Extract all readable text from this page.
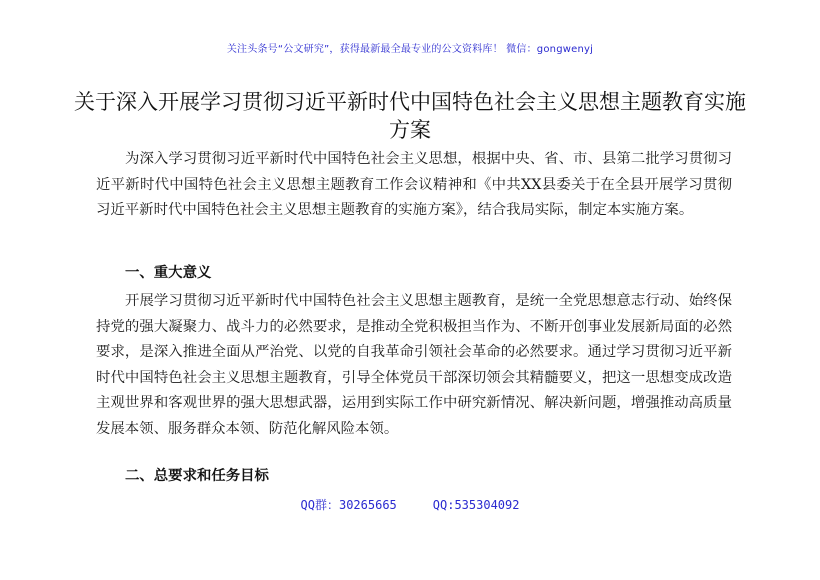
关注头条号“公文研究”，获得最新最全最专业的公文资料库！ 微信：gongwenyj
关于深入开展学习贯彻习近平新时代中国特色社会主义思想主题教育实施方案
为深入学习贯彻习近平新时代中国特色社会主义思想，根据中央、省、市、县第二批学习贯彻习近平新时代中国特色社会主义思想主题教育工作会议精神和《中共XX县委关于在全县开展学习贯彻习近平新时代中国特色社会主义思想主题教育的实施方案》，结合我局实际，制定本实施方案。
一、重大意义
开展学习贯彻习近平新时代中国特色社会主义思想主题教育，是统一全党思想意志行动、始终保持党的强大凝聚力、战斗力的必然要求，是推动全党积极担当作为、不断开创事业发展新局面的必然要求，是深入推进全面从严治党、以党的自我革命引领社会革命的必然要求。通过学习贯彻习近平新时代中国特色社会主义思想主题教育，引导全体党员干部深切领会其精髓要义，把这一思想变成改造主观世界和客观世界的强大思想武器，运用到实际工作中研究新情况、解决新问题，增强推动高质量发展本领、服务群众本领、防范化解风险本领。
二、总要求和任务目标
QQ群：30265665	QQ:535304092
